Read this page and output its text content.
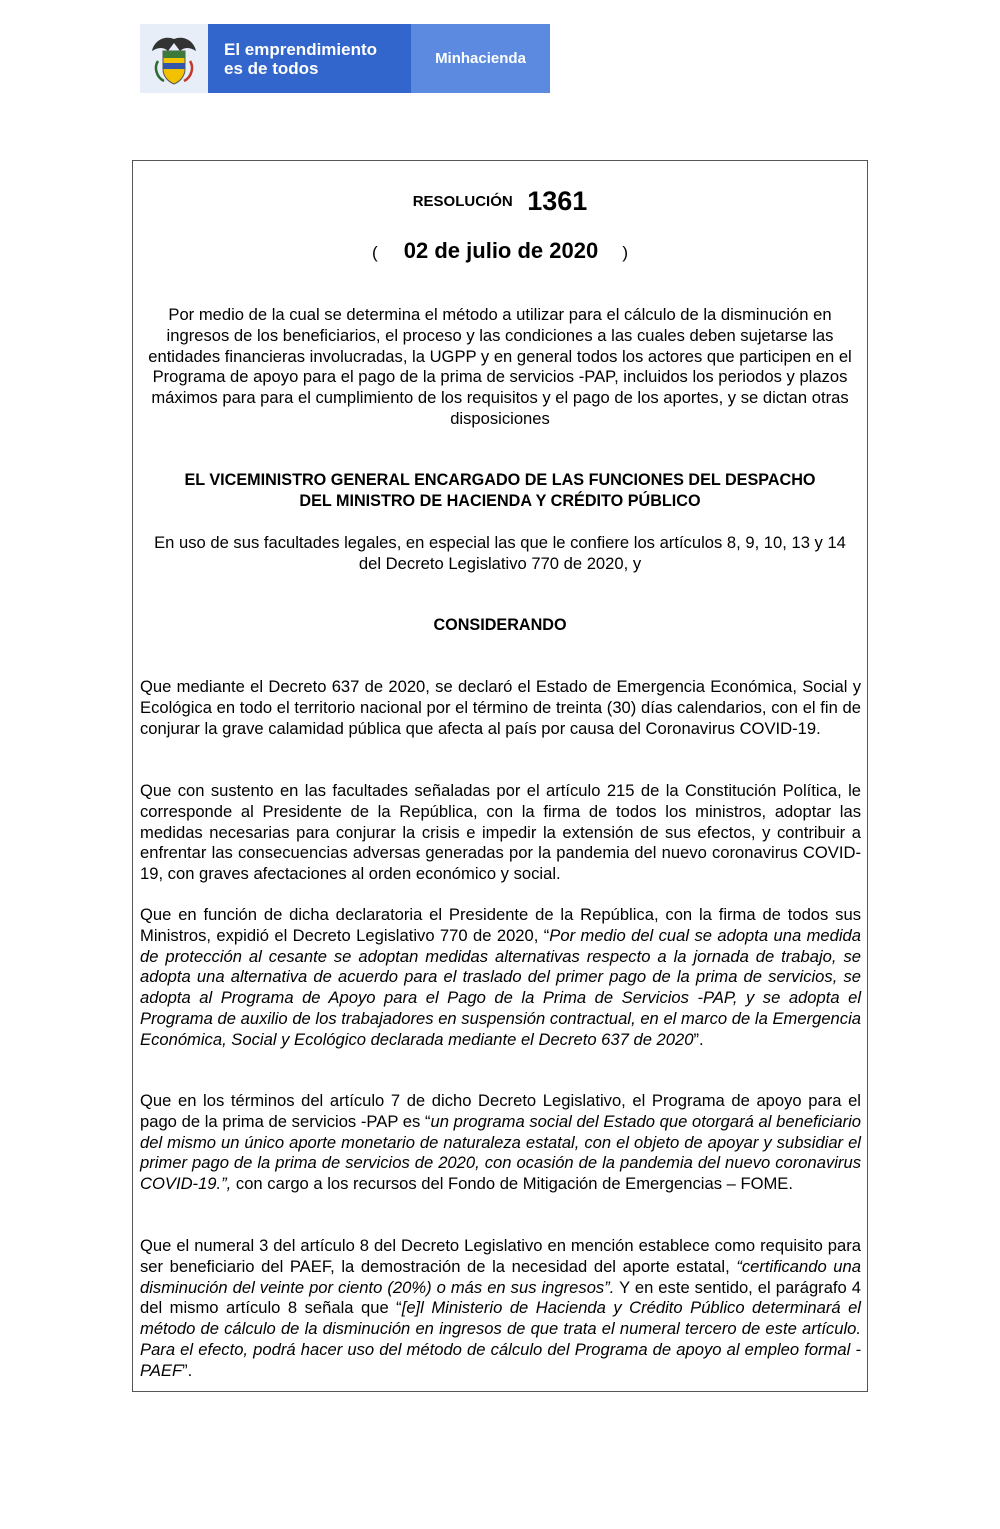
El emprendimiento
es de todos	Minhacienda
RESOLUCIÓN 1361
( 02 de julio de 2020 )
Por medio de la cual se determina el método a utilizar para el cálculo de la disminución en ingresos de los beneficiarios, el proceso y las condiciones a las cuales deben sujetarse las entidades financieras involucradas, la UGPP y en general todos los actores que participen en el Programa de apoyo para el pago de la prima de servicios -PAP, incluidos los periodos y plazos máximos para para el cumplimiento de los requisitos y el pago de los aportes, y se dictan otras disposiciones
EL VICEMINISTRO GENERAL ENCARGADO DE LAS FUNCIONES DEL DESPACHO
DEL MINISTRO DE HACIENDA Y CRÉDITO PÚBLICO
En uso de sus facultades legales, en especial las que le confiere los artículos 8, 9, 10, 13 y 14 del Decreto Legislativo 770 de 2020, y
CONSIDERANDO

Que mediante el Decreto 637 de 2020, se declaró el Estado de Emergencia Económica, Social y Ecológica en todo el territorio nacional por el término de treinta (30) días calendarios, con el fin de conjurar la grave calamidad pública que afecta al país por causa del Coronavirus COVID-19.

Que con sustento en las facultades señaladas por el artículo 215 de la Constitución Política, le corresponde al Presidente de la República, con la firma de todos los ministros, adoptar las medidas necesarias para conjurar la crisis e impedir la extensión de sus efectos, y contribuir a enfrentar las consecuencias adversas generadas por la pandemia del nuevo coronavirus COVID-19, con graves afectaciones al orden económico y social.

Que en función de dicha declaratoria el Presidente de la República, con la firma de todos sus Ministros, expidió el Decreto Legislativo 770 de 2020, “Por medio del cual se adopta una medida de protección al cesante se adoptan medidas alternativas respecto a la jornada de trabajo, se adopta una alternativa de acuerdo para el traslado del primer pago de la prima de servicios, se adopta al Programa de Apoyo para el Pago de la Prima de Servicios -PAP, y se adopta el Programa de auxilio de los trabajadores en suspensión contractual, en el marco de la Emergencia Económica, Social y Ecológico declarada mediante el Decreto 637 de 2020”.

Que en los términos del artículo 7 de dicho Decreto Legislativo, el Programa de apoyo para el pago de la prima de servicios -PAP es “un programa social del Estado que otorgará al beneficiario del mismo un único aporte monetario de naturaleza estatal, con el objeto de apoyar y subsidiar el primer pago de la prima de servicios de 2020, con ocasión de la pandemia del nuevo coronavirus COVID-19.”, con cargo a los recursos del Fondo de Mitigación de Emergencias – FOME.

Que el numeral 3 del artículo 8 del Decreto Legislativo en mención establece como requisito para ser beneficiario del PAEF, la demostración de la necesidad del aporte estatal, “certificando una disminución del veinte por ciento (20%) o más en sus ingresos”. Y en este sentido, el parágrafo 4 del mismo artículo 8 señala que “[e]l Ministerio de Hacienda y Crédito Público determinará el método de cálculo de la disminución en ingresos de que trata el numeral tercero de este artículo. Para el efecto, podrá hacer uso del método de cálculo del Programa de apoyo al empleo formal -PAEF”.
